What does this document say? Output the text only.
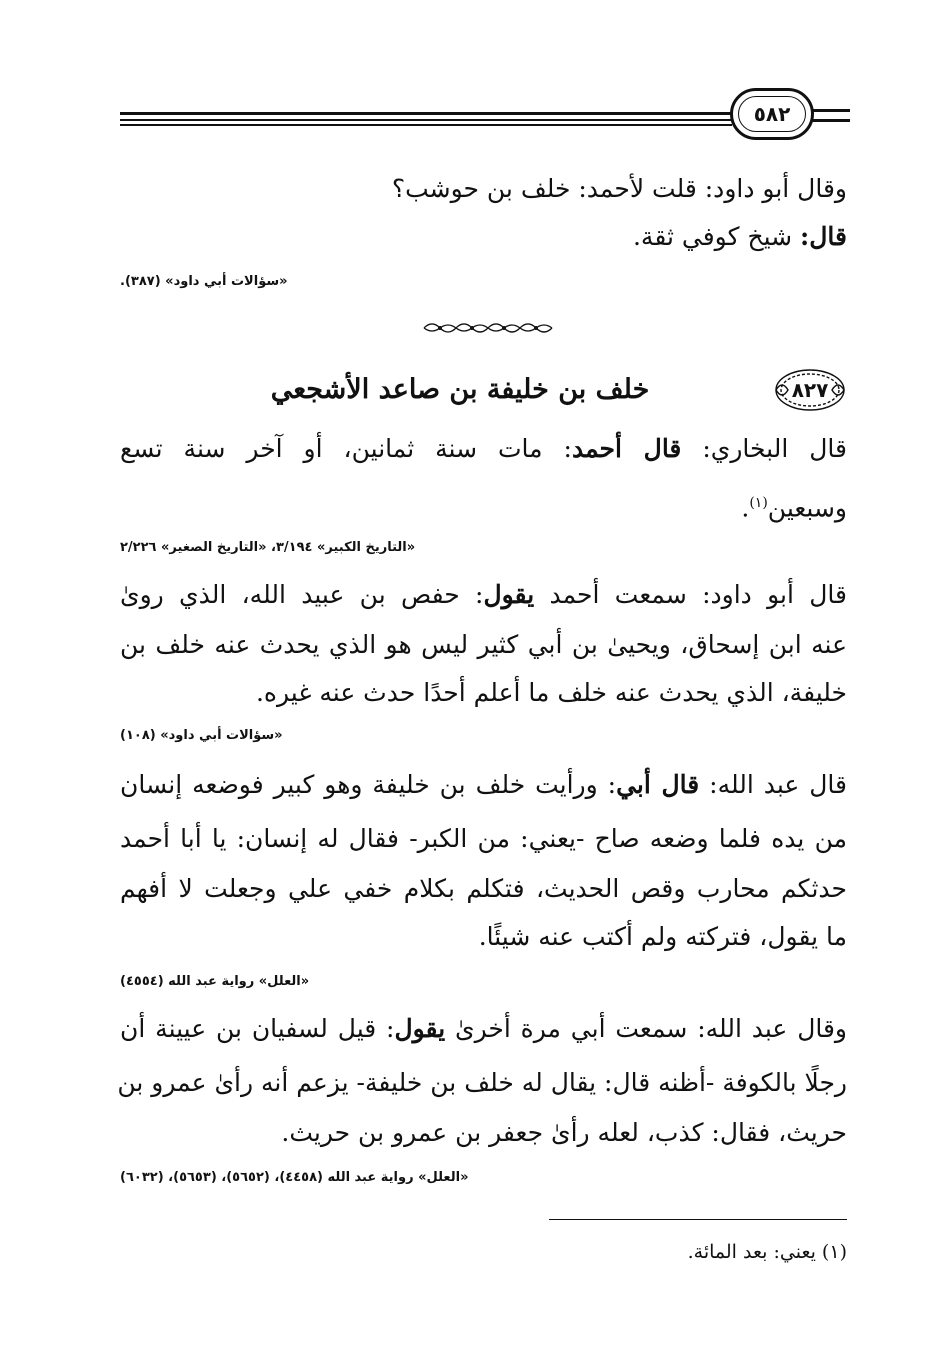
٥٨٢
وقال أبو داود: قلت لأحمد: خلف بن حوشب؟
قال: شيخ كوفي ثقة.
«سؤالات أبي داود» (٣٨٧).
٨٢٧
خلف بن خليفة بن صاعد الأشجعي
قال البخاري: قال أحمد: مات سنة ثمانين، أو آخر سنة تسع
وسبعين$^{(١)}$.
«التاريخ الكبير» ٣/١٩٤، «التاريخ الصغير» ٢/٢٢٦
قال أبو داود: سمعت أحمد يقول: حفص بن عبيد الله، الذي روىٰ
عنه ابن إسحاق، ويحيىٰ بن أبي كثير ليس هو الذي يحدث عنه خلف بن
خليفة، الذي يحدث عنه خلف ما أعلم أحدًا حدث عنه غيره.
«سؤالات أبي داود» (١٠٨)
قال عبد الله: قال أبي: ورأيت خلف بن خليفة وهو كبير فوضعه إنسان
من يده فلما وضعه صاح -يعني: من الكبر- فقال له إنسان: يا أبا أحمد
حدثكم محارب وقص الحديث، فتكلم بكلام خفي علي وجعلت لا أفهم
ما يقول، فتركته ولم أكتب عنه شيئًا.
«العلل» رواية عبد الله (٤٥٥٤)
وقال عبد الله: سمعت أبي مرة أخرىٰ يقول: قيل لسفيان بن عيينة أن
رجلًا بالكوفة -أظنه قال: يقال له خلف بن خليفة- يزعم أنه رأىٰ عمرو بن
حريث، فقال: كذب، لعله رأىٰ جعفر بن عمرو بن حريث.
«العلل» رواية عبد الله (٤٤٥٨)، (٥٦٥٢)، (٥٦٥٣)، (٦٠٣٢)
(١) يعني: بعد المائة.
